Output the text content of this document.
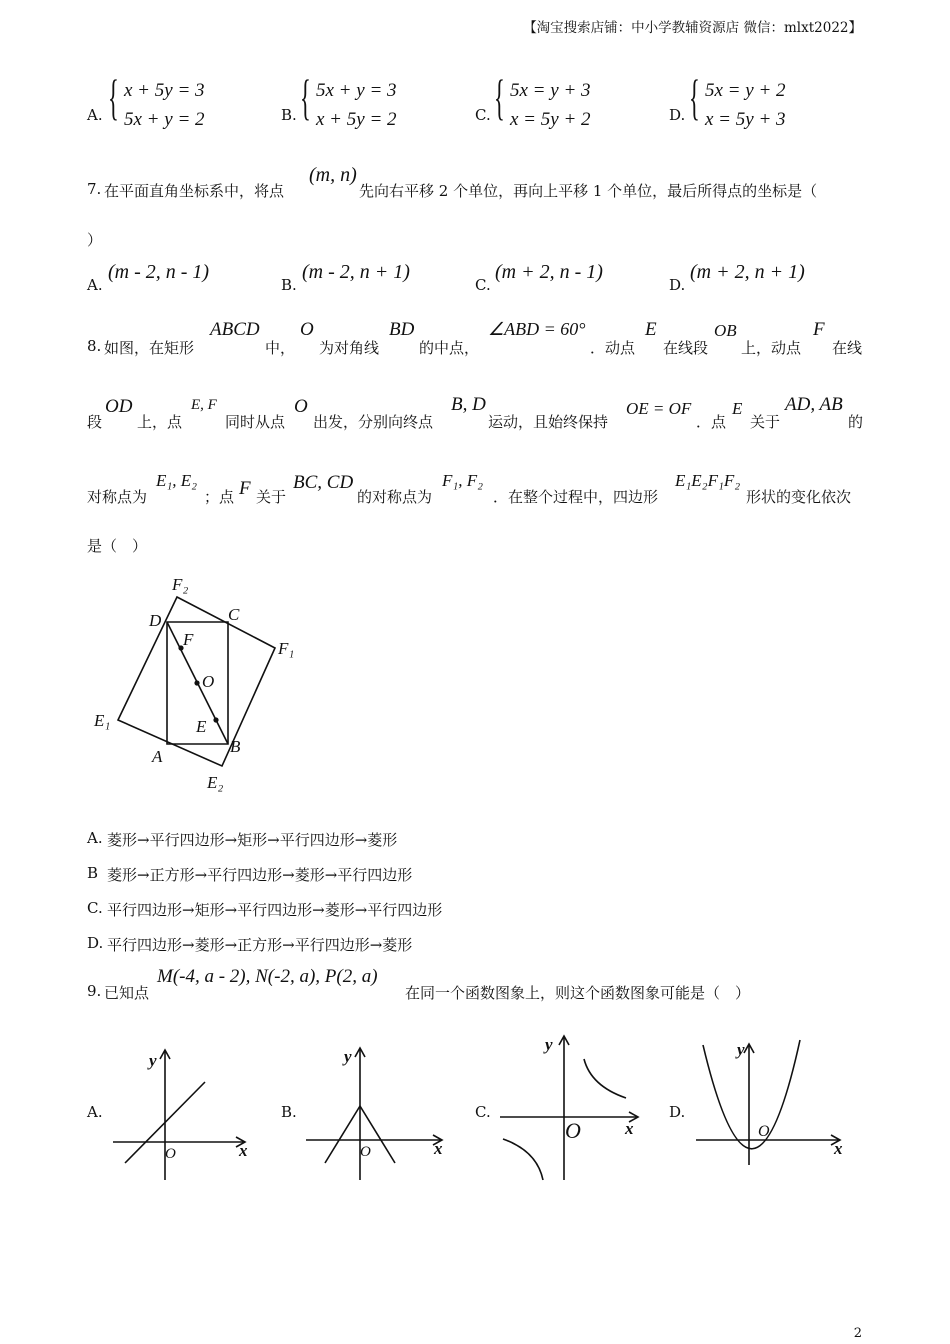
【淘宝搜索店铺：中小学教辅资源店 微信：mlxt2022】
A. { x + 5y = 3
5x + y = 2	B. { 5x + y = 3
x + 5y = 2	C. { 5x = y + 3
x = 5y + 2	D. { 5x = y + 2
x = 5y + 3
7. 在平面直角坐标系中，将点
(m, n)
先向右平移 2 个单位，再向上平移 1 个单位，最后所得点的坐标是（
）
A.
(m - 2, n - 1)
B.
(m - 2, n + 1)
C.
(m + 2, n - 1)
D.
(m + 2, n + 1)
8. 如图，在矩形
ABCD
中，
O
为对角线
BD
的中点，
∠ABD = 60°
．动点
E
在线段
OB
上，动点
F
在线
段
OD
上，点
E, F
同时从点
O
出发，分别向终点
B, D
运动，且始终保持
OE = OF
．点
E
关于
AD, AB
的
对称点为
E₁, E₂
；点 F 关于
BC, CD
的对称点为
F₁, F₂
．在整个过程中，四边形
E₁E₂F₁F₂
形状的变化依次
是（　）
F₂
D	C
F	F₁
O
E₁	E
A
B
E₂
A. 菱形→平行四边形→矩形→平行四边形→菱形
B 菱形→正方形→平行四边形→菱形→平行四边形
C. 平行四边形→矩形→平行四边形→菱形→平行四边形
D. 平行四边形→菱形→正方形→平行四边形→菱形
9. 已知点
M(-4, a - 2), N(-2, a), P(2, a)
在同一个函数图象上，则这个函数图象可能是（　）
A.
x
y
O
B.
x
y
O
C.
x
y
O
D.
x
y
O
2
